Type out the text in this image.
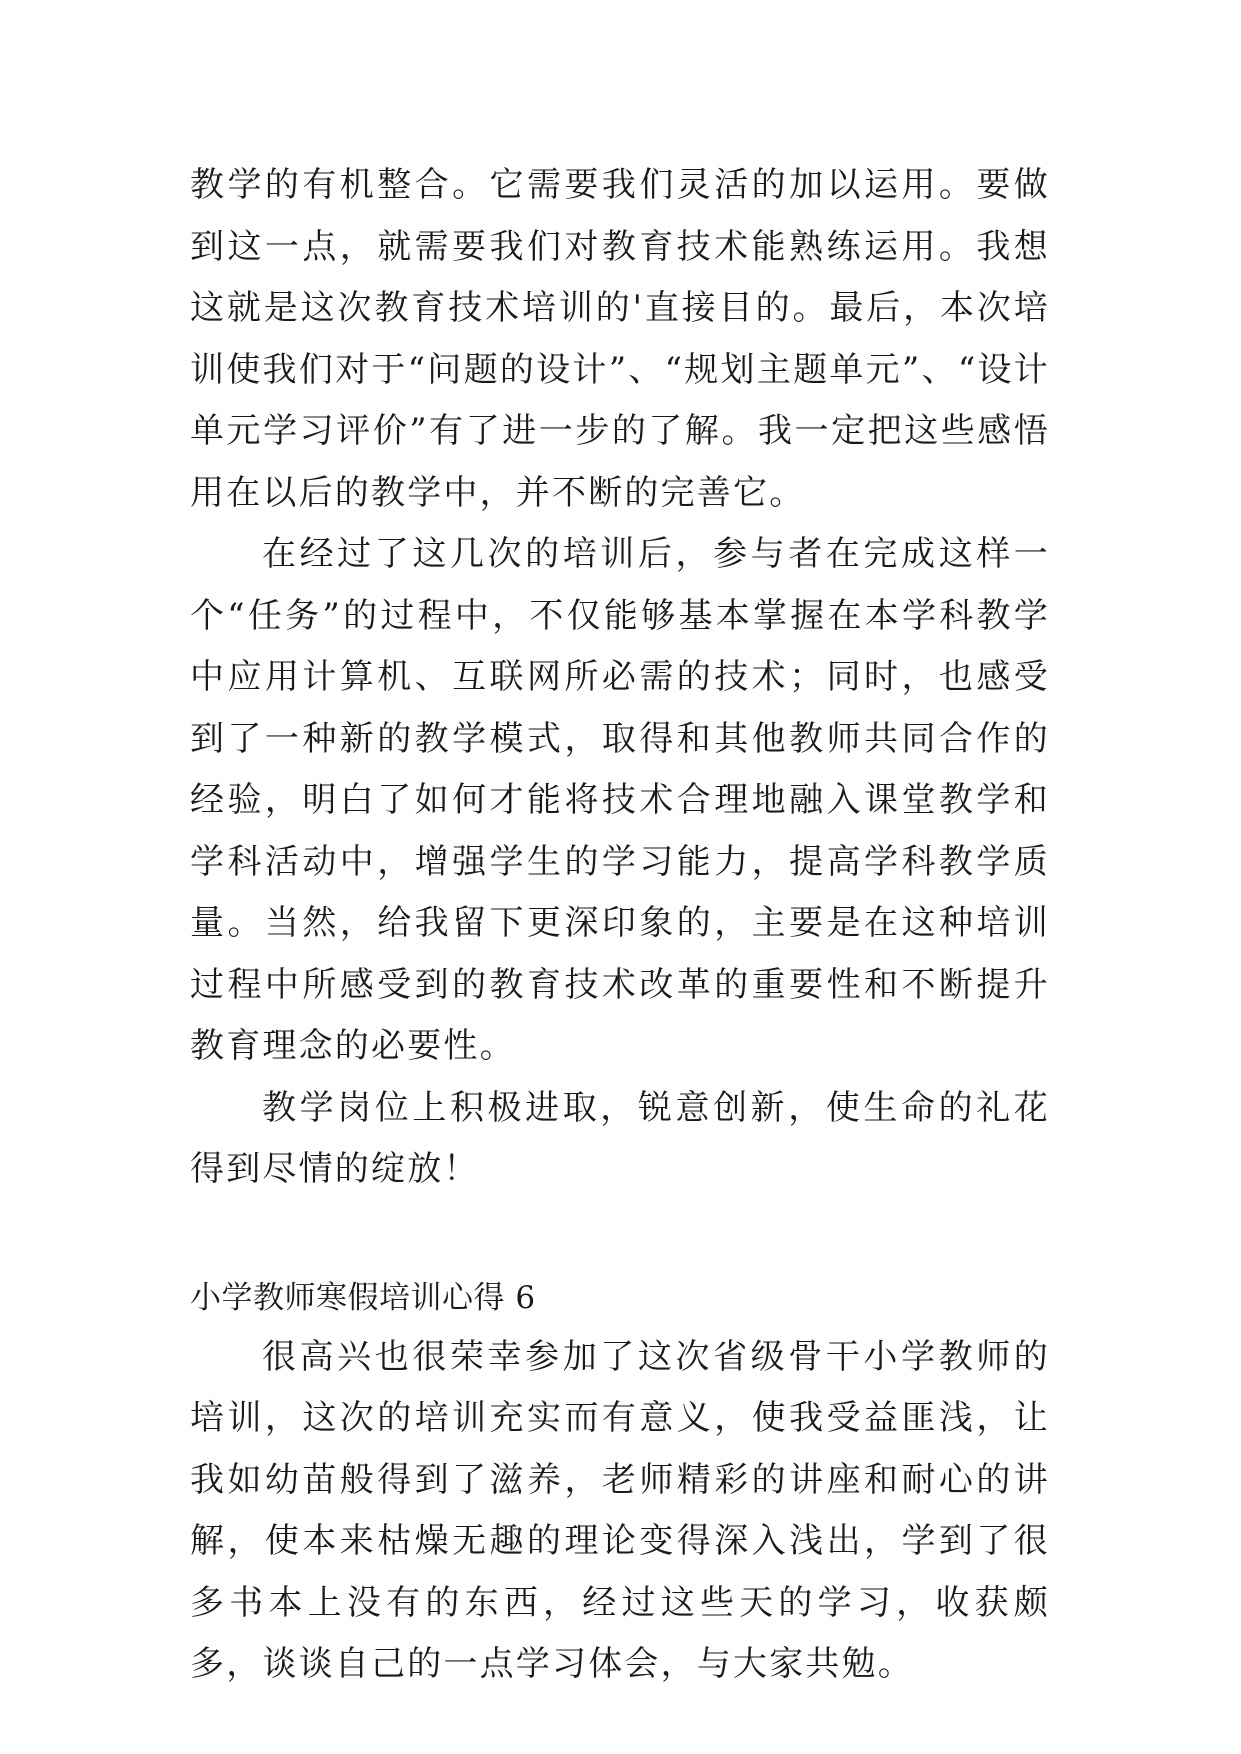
教学的有机整合。它需要我们灵活的加以运用。要做到这一点，就需要我们对教育技术能熟练运用。我想这就是这次教育技术培训的'直接目的。最后，本次培训使我们对于“问题的设计”、“规划主题单元”、“设计单元学习评价”有了进一步的了解。我一定把这些感悟用在以后的教学中，并不断的完善它。

在经过了这几次的培训后，参与者在完成这样一个“任务”的过程中，不仅能够基本掌握在本学科教学中应用计算机、互联网所必需的技术；同时，也感受到了一种新的教学模式，取得和其他教师共同合作的经验，明白了如何才能将技术合理地融入课堂教学和学科活动中，增强学生的学习能力，提高学科教学质量。当然，给我留下更深印象的，主要是在这种培训过程中所感受到的教育技术改革的重要性和不断提升教育理念的必要性。

教学岗位上积极进取，锐意创新，使生命的礼花得到尽情的绽放！

小学教师寒假培训心得 6

很高兴也很荣幸参加了这次省级骨干小学教师的培训，这次的培训充实而有意义，使我受益匪浅，让我如幼苗般得到了滋养，老师精彩的讲座和耐心的讲解，使本来枯燥无趣的理论变得深入浅出，学到了很多书本上没有的东西，经过这些天的学习，收获颇多，谈谈自己的一点学习体会，与大家共勉。
